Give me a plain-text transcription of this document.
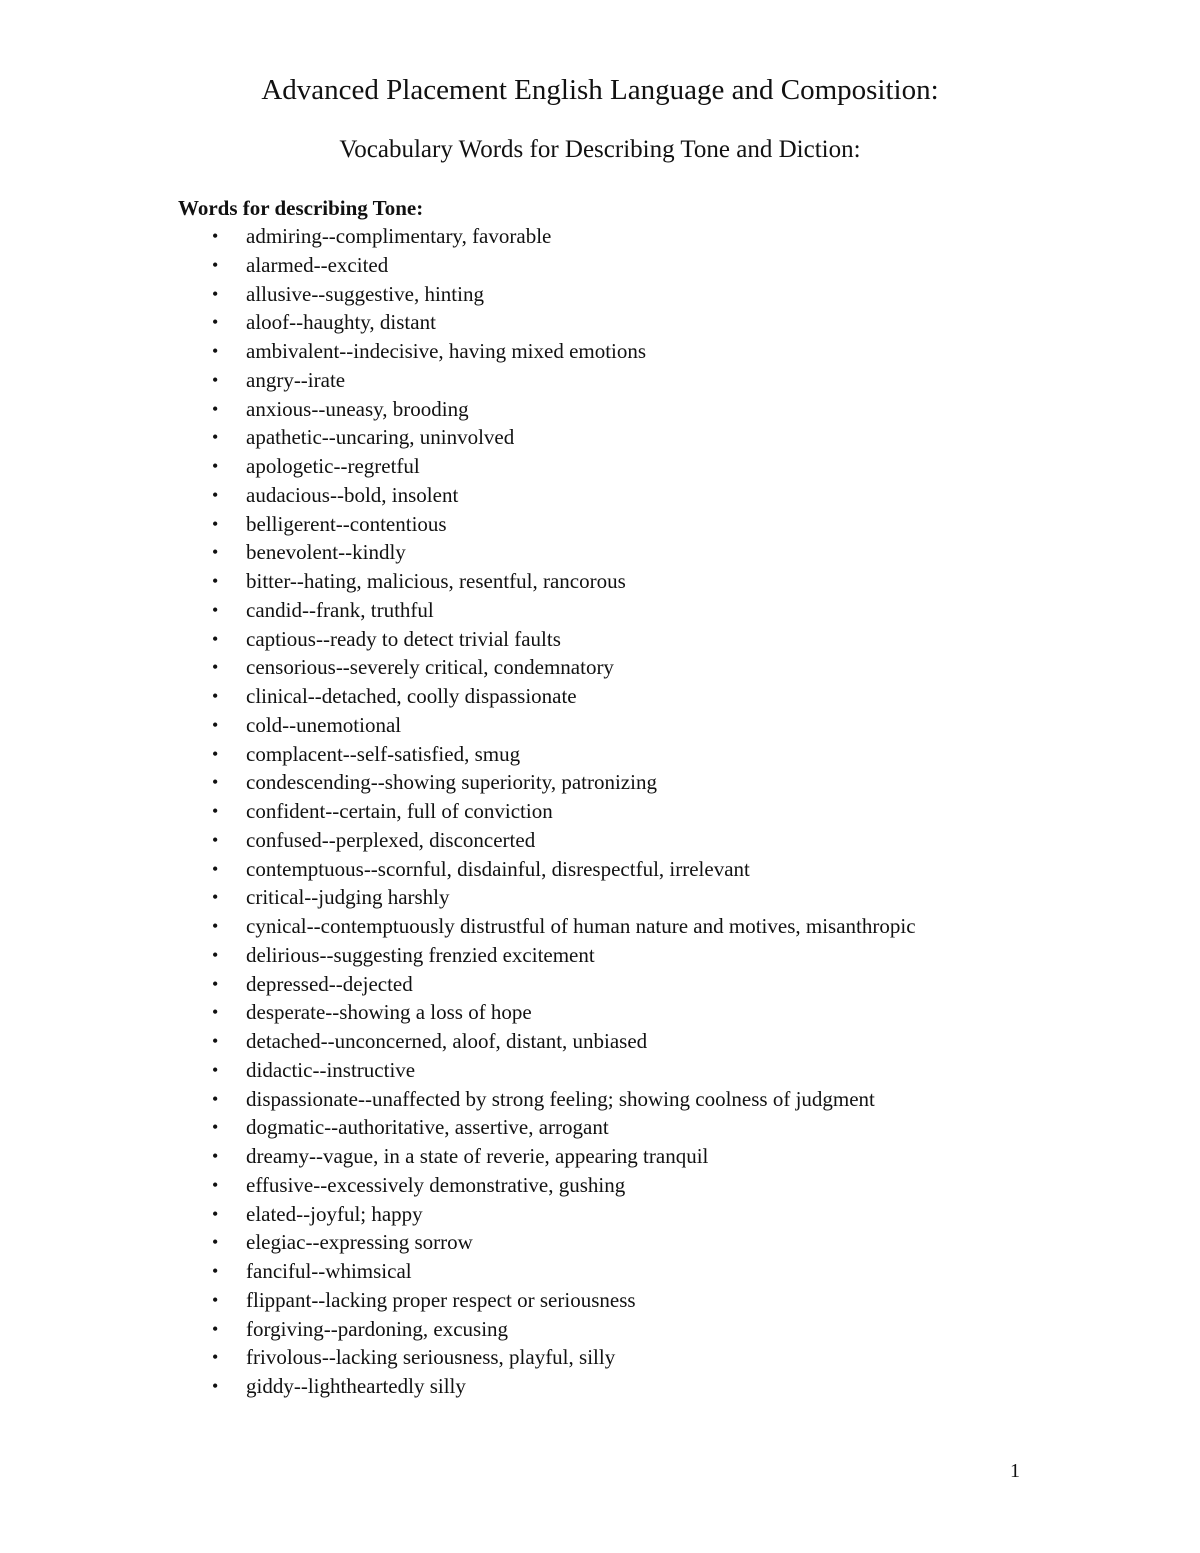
Advanced Placement English Language and Composition:
Vocabulary Words for Describing Tone and Diction:
Words for describing Tone:
• admiring--complimentary, favorable
• alarmed--excited
• allusive--suggestive, hinting
• aloof--haughty, distant
• ambivalent--indecisive, having mixed emotions
• angry--irate
• anxious--uneasy, brooding
• apathetic--uncaring, uninvolved
• apologetic--regretful
• audacious--bold, insolent
• belligerent--contentious
• benevolent--kindly
• bitter--hating, malicious, resentful, rancorous
• candid--frank, truthful
• captious--ready to detect trivial faults
• censorious--severely critical, condemnatory
• clinical--detached, coolly dispassionate
• cold--unemotional
• complacent--self-satisfied, smug
• condescending--showing superiority, patronizing
• confident--certain, full of conviction
• confused--perplexed, disconcerted
• contemptuous--scornful, disdainful, disrespectful, irrelevant
• critical--judging harshly
• cynical--contemptuously distrustful of human nature and motives, misanthropic
• delirious--suggesting frenzied excitement
• depressed--dejected
• desperate--showing a loss of hope
• detached--unconcerned, aloof, distant, unbiased
• didactic--instructive
• dispassionate--unaffected by strong feeling; showing coolness of judgment
• dogmatic--authoritative, assertive, arrogant
• dreamy--vague, in a state of reverie, appearing tranquil
• effusive--excessively demonstrative, gushing
• elated--joyful; happy
• elegiac--expressing sorrow
• fanciful--whimsical
• flippant--lacking proper respect or seriousness
• forgiving--pardoning, excusing
• frivolous--lacking seriousness, playful, silly
• giddy--lightheartedly silly
1
